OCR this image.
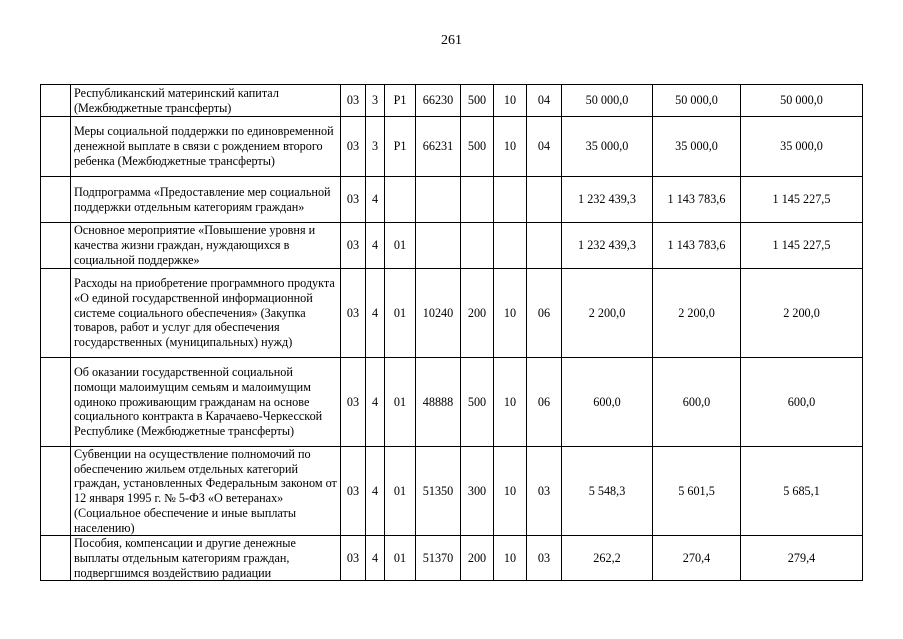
261
	Республиканский материнский капитал (Межбюджетные трансферты)	03	3	P1	66230	500	10	04	50 000,0	50 000,0	50 000,0
	Меры социальной поддержки по единовременной денежной выплате в связи с рождением второго ребенка (Межбюджетные трансферты)	03	3	P1	66231	500	10	04	35 000,0	35 000,0	35 000,0
	Подпрограмма «Предоставление мер социальной поддержки отдельным категориям граждан»	03	4						1 232 439,3	1 143 783,6	1 145 227,5
	Основное мероприятие «Повышение уровня и качества жизни граждан, нуждающихся в социальной поддержке»	03	4	01					1 232 439,3	1 143 783,6	1 145 227,5
	Расходы на приобретение программного продукта «О единой государственной информационной системе социального обеспечения» (Закупка товаров, работ и услуг для обеспечения государственных (муниципальных) нужд)	03	4	01	10240	200	10	06	2 200,0	2 200,0	2 200,0
	Об оказании государственной социальной помощи малоимущим семьям и малоимущим одиноко проживающим гражданам на основе социального контракта в Карачаево-Черкесской Республике (Межбюджетные трансферты)	03	4	01	48888	500	10	06	600,0	600,0	600,0
	Субвенции на осуществление полномочий по обеспечению жильем отдельных категорий граждан, установленных Федеральным законом от 12 января 1995 г. № 5-ФЗ «О ветеранах» (Социальное обеспечение и иные выплаты населению)	03	4	01	51350	300	10	03	5 548,3	5 601,5	5 685,1
	Пособия, компенсации и другие денежные выплаты отдельным категориям граждан, подвергшимся воздействию радиации	03	4	01	51370	200	10	03	262,2	270,4	279,4
